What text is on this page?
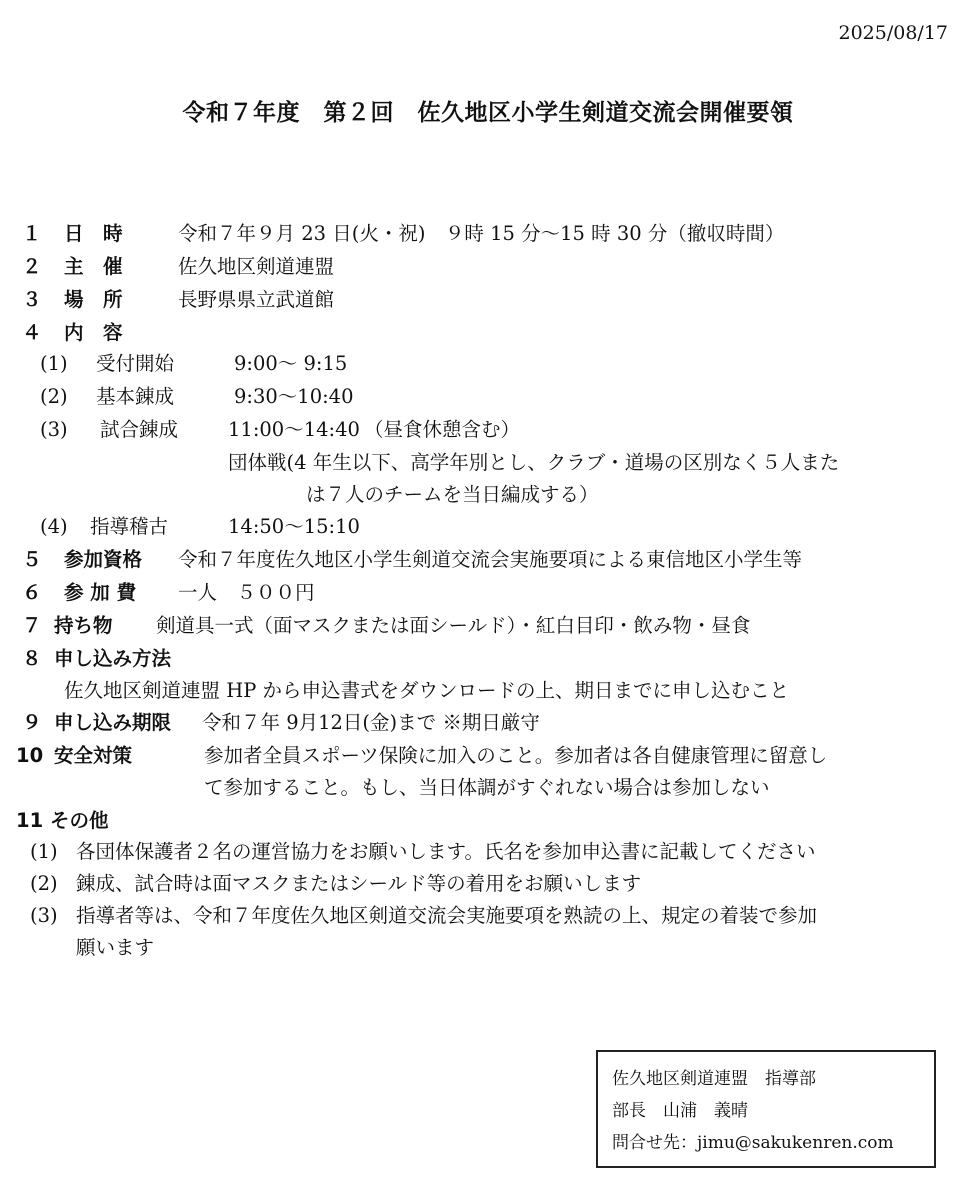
2025/08/17
令和７年度　第２回　佐久地区小学生剣道交流会開催要領
１ 日　時	令和７年９月 23 日(火・祝)　９時 15 分～15 時 30 分（撤収時間）
２ 主　催	佐久地区剣道連盟
３ 場　所	長野県県立武道館
４ 内　容
(1) 受付開始	9:00～ 9:15
(2) 基本錬成	9:30～10:40
(3) 試合錬成	11:00～14:40 （昼食休憩含む）
団体戦(4 年生以下、高学年別とし、クラブ・道場の区別なく５人また
は７人のチームを当日編成する）
(4) 指導稽古	14:50～15:10
５ 参加資格 令和７年度佐久地区小学生剣道交流会実施要項による東信地区小学生等
６ 参 加 費 一人　５００円
７ 持ち物 剣道具一式（面マスクまたは面シールド）・紅白目印・飲み物・昼食
８ 申し込み方法
佐久地区剣道連盟 HP から申込書式をダウンロードの上、期日までに申し込むこと
９ 申し込み期限 令和７年 9月12日(金)まで ※期日厳守
10 安全対策	参加者全員スポーツ保険に加入のこと。参加者は各自健康管理に留意し
て参加すること。もし、当日体調がすぐれない場合は参加しない
11 その他
(1) 各団体保護者２名の運営協力をお願いします。氏名を参加申込書に記載してください
(2) 錬成、試合時は面マスクまたはシールド等の着用をお願いします
(3) 指導者等は、令和７年度佐久地区剣道交流会実施要項を熟読の上、規定の着装で参加
願います
佐久地区剣道連盟　指導部
部長　山浦　義晴
問合せ先：jimu@sakukenren.com
